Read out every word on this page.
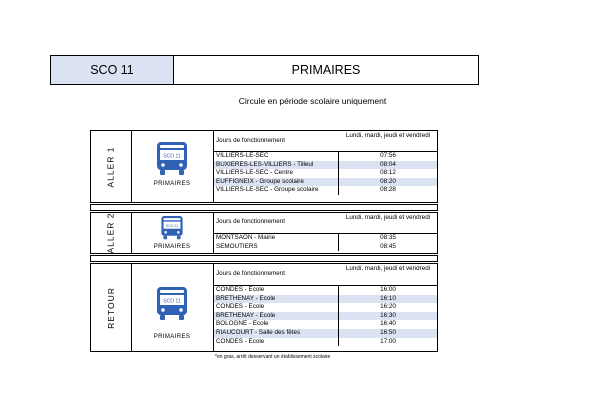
SCO 11	PRIMAIRES
Circule en période scolaire uniquement
ALLER 1	SCO 11
PRIMAIRES
Jours de fonctionnement
Lundi, mardi, jeudi et vendredi
VILLIERS-LE-SEC	07:56
BUXIERES-LES-VILLIERS - Tilleul	08:04
VILLIERS-LE-SEC - Centre	08:12
EUFFIGNEIX - Groupe scolaire	08:20
VILLIERS-LE-SEC - Groupe scolaire	08:28
ALLER 2	SCO 11
PRIMAIRES
Jours de fonctionnement
Lundi, mardi, jeudi et vendredi
MONTSAON - Mairie	08:35
SEMOUTIERS	08:45
RETOUR	SCO 11
PRIMAIRES
Jours de fonctionnement
Lundi, mardi, jeudi et vendredi
CONDES - Ecole	16:00
BRETHENAY - Ecole	16:10
CONDES - Ecole	16:20
BRETHENAY - Ecole	16:30
BOLOGNE - Ecole	16:40
RIAUCOURT - Salle des fêtes	16:50
CONDES - Ecole	17:00
*en gras, arrêt desservant un établissement scolaire
